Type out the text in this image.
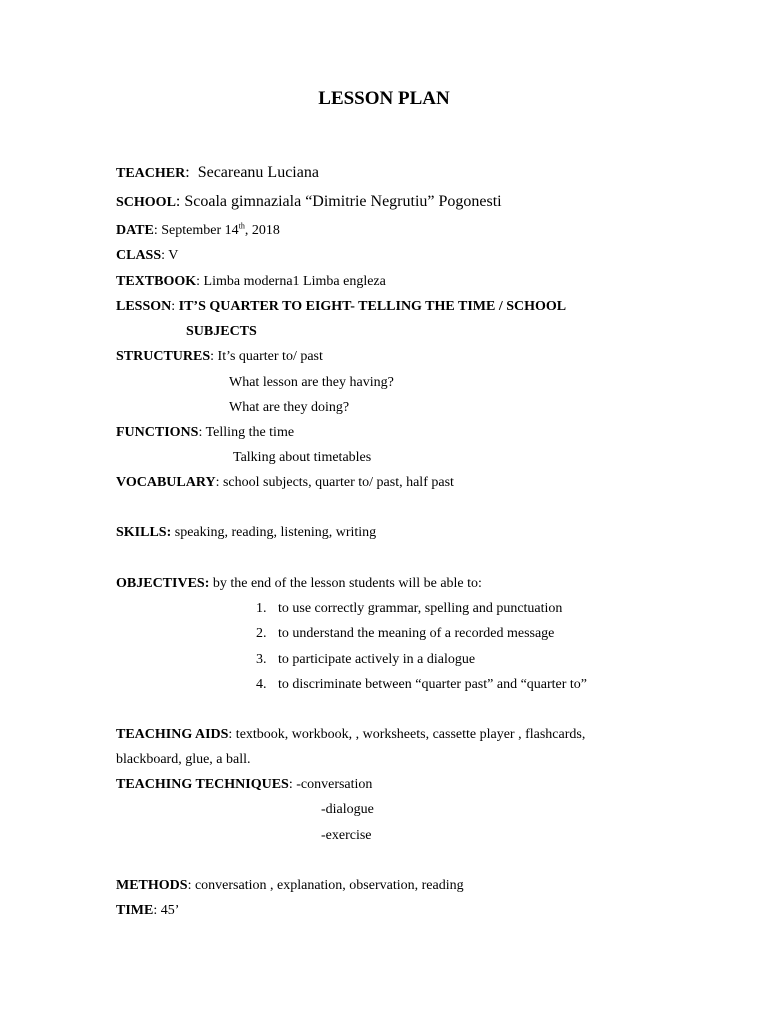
LESSON PLAN
TEACHER: Secareanu Luciana
SCHOOL: Scoala gimnaziala “Dimitrie Negrutiu” Pogonesti
DATE: September 14th, 2018
CLASS: V
TEXTBOOK: Limba moderna1 Limba engleza
LESSON: IT’S QUARTER TO EIGHT- TELLING THE TIME / SCHOOL
SUBJECTS
STRUCTURES: It’s quarter to/ past
What lesson are they having?
What are they doing?
FUNCTIONS: Telling the time
Talking about timetables
VOCABULARY: school subjects, quarter to/ past, half past
SKILLS: speaking, reading, listening, writing
OBJECTIVES: by the end of the lesson students will be able to:
1. to use correctly grammar, spelling and punctuation
2. to understand the meaning of a recorded message
3. to participate actively in a dialogue
4. to discriminate between “quarter past” and “quarter to”
TEACHING AIDS: textbook, workbook, , worksheets, cassette player , flashcards,
blackboard, glue, a ball.
TEACHING TECHNIQUES: -conversation
-dialogue
-exercise
METHODS: conversation , explanation, observation, reading
TIME: 45’
